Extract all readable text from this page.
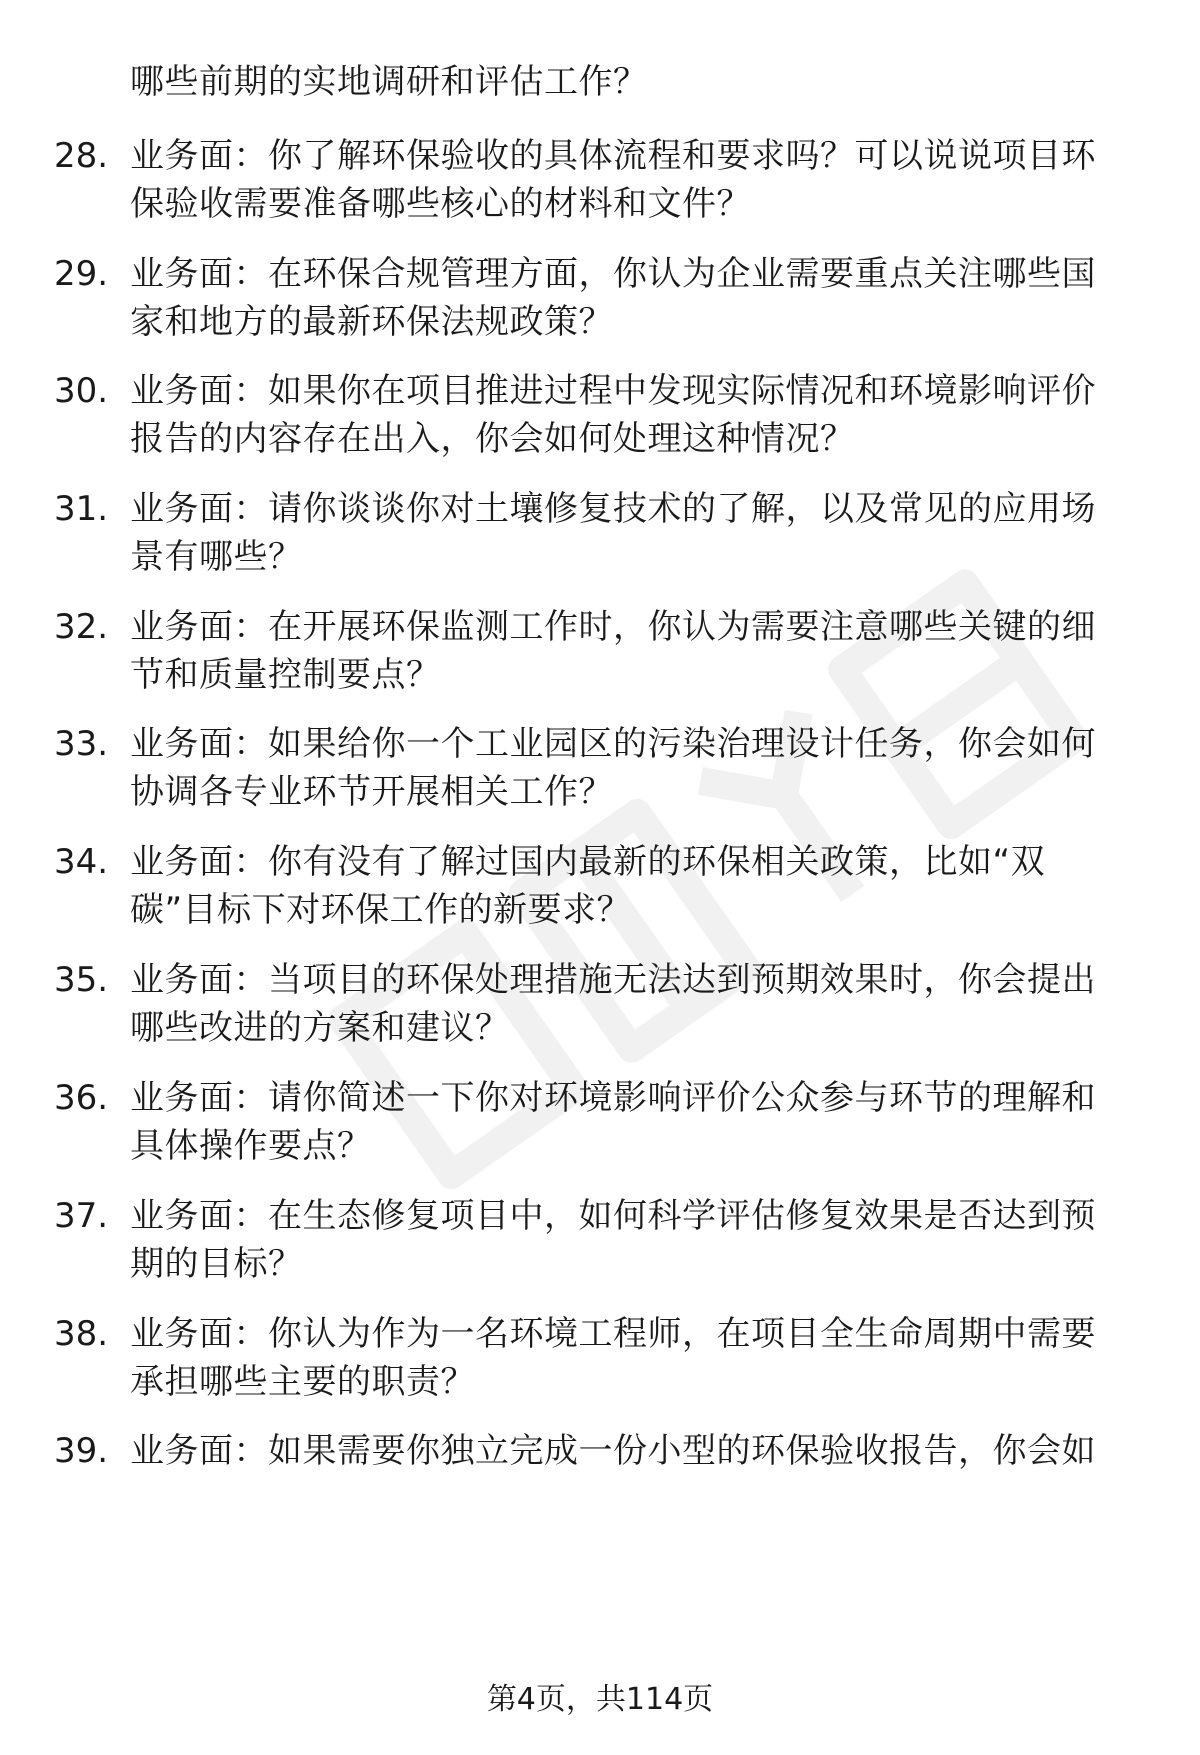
哪些前期的实地调研和评估工作？
28. 业务面：你了解环保验收的具体流程和要求吗？可以说说项目环
保验收需要准备哪些核心的材料和文件？
29. 业务面：在环保合规管理方面，你认为企业需要重点关注哪些国
家和地方的最新环保法规政策？
30. 业务面：如果你在项目推进过程中发现实际情况和环境影响评价
报告的内容存在出入，你会如何处理这种情况？
31. 业务面：请你谈谈你对土壤修复技术的了解，以及常见的应用场
景有哪些？
32. 业务面：在开展环保监测工作时，你认为需要注意哪些关键的细
节和质量控制要点？
33. 业务面：如果给你一个工业园区的污染治理设计任务，你会如何
协调各专业环节开展相关工作？
34. 业务面：你有没有了解过国内最新的环保相关政策，比如“双
碳”目标下对环保工作的新要求？
35. 业务面：当项目的环保处理措施无法达到预期效果时，你会提出
哪些改进的方案和建议？
36. 业务面：请你简述一下你对环境影响评价公众参与环节的理解和
具体操作要点？
37. 业务面：在生态修复项目中，如何科学评估修复效果是否达到预
期的目标？
38. 业务面：你认为作为一名环境工程师，在项目全生命周期中需要
承担哪些主要的职责？
39. 业务面：如果需要你独立完成一份小型的环保验收报告，你会如
第4页，共114页
